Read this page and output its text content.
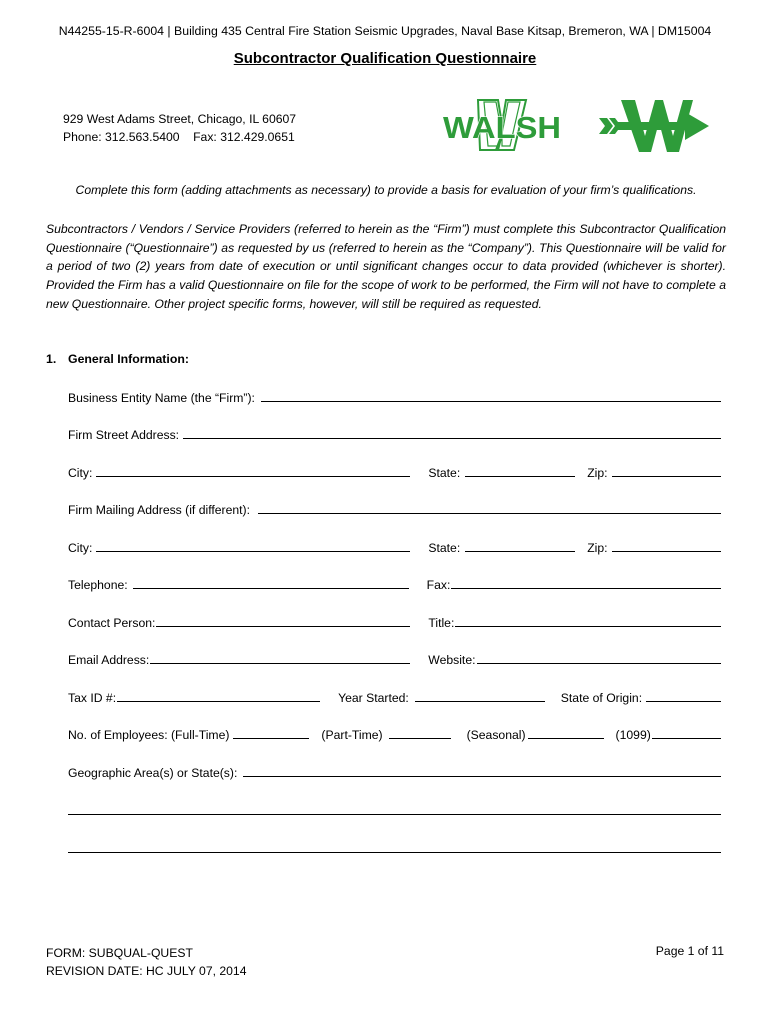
N44255-15-R-6004 | Building 435 Central Fire Station Seismic Upgrades, Naval Base Kitsap, Bremeron, WA | DM15004
Subcontractor Qualification Questionnaire
929 West Adams Street, Chicago, IL 60607
Phone: 312.563.5400    Fax: 312.429.0651	WALSH
Complete this form (adding attachments as necessary) to provide a basis for evaluation of your firm’s qualifications.
Subcontractors / Vendors / Service Providers (referred to herein as the “Firm”) must complete this Subcontractor Qualification Questionnaire (“Questionnaire”) as requested by us (referred to herein as the “Company”). This Questionnaire will be valid for a period of two (2) years from date of execution or until significant changes occur to data provided (whichever is shorter). Provided the Firm has a valid Questionnaire on file for the scope of work to be performed, the Firm will not have to complete a new Questionnaire. Other project specific forms, however, will still be required as requested.
1. General Information:
Business Entity Name (the “Firm”):
Firm Street Address:
City:	State:	Zip:
Firm Mailing Address (if different):
City:	State:	Zip:
Telephone:	Fax:
Contact Person:	Title:
Email Address:	Website:
Tax ID #:	Year Started:	State of Origin:
No. of Employees: (Full-Time)	(Part-Time)	(Seasonal)	(1099)
Geographic Area(s) or State(s):
FORM: SUBQUAL-QUEST
REVISION DATE: HC JULY 07, 2014
Page 1 of 11
